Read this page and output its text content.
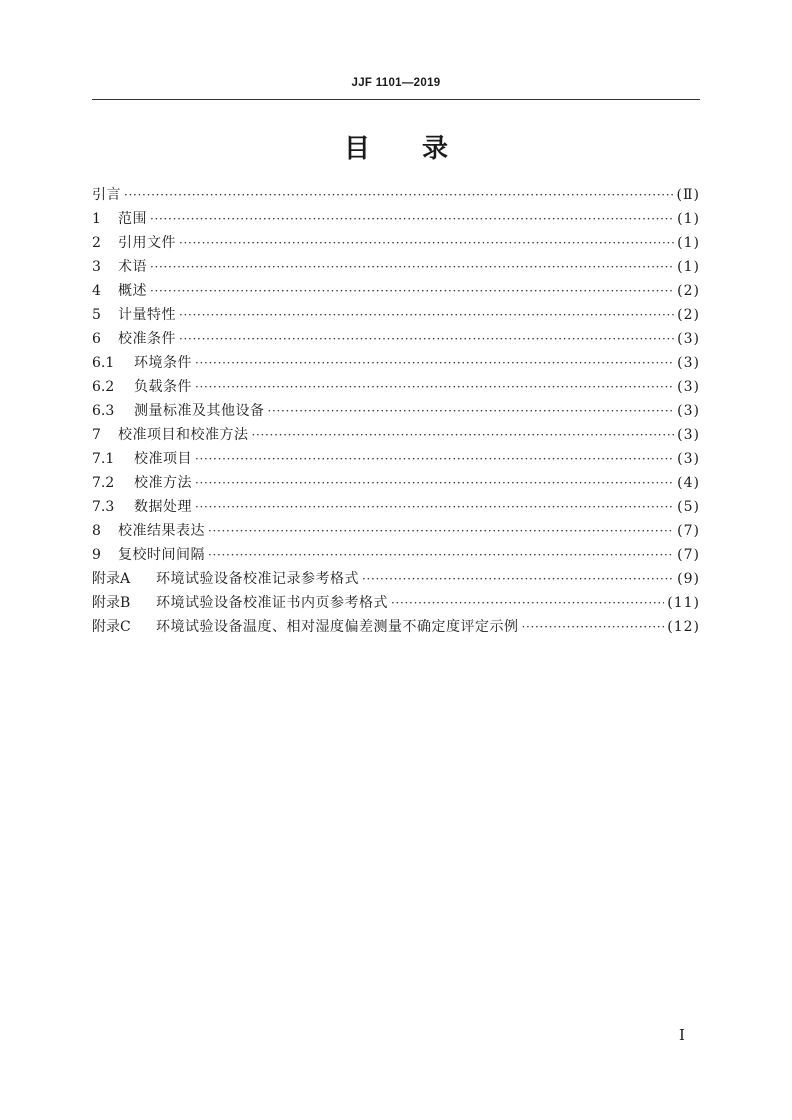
JJF 1101—2019
目录
引言 ·····	(Ⅱ)
1	范围 ·····	(1)
2	引用文件 ·····	(1)
3	术语 ·····	(1)
4	概述 ·····	(2)
5	计量特性 ·····	(2)
6	校准条件 ·····	(3)
6.1	环境条件 ·····	(3)
6.2	负载条件 ·····	(3)
6.3	测量标准及其他设备 ·····	(3)
7	校准项目和校准方法 ·····	(3)
7.1	校准项目 ·····	(3)
7.2	校准方法 ·····	(4)
7.3	数据处理 ·····	(5)
8	校准结果表达 ·····	(7)
9	复校时间间隔 ·····	(7)
附录A	环境试验设备校准记录参考格式 ·····	(9)
附录B	环境试验设备校准证书内页参考格式 ·····	(11)
附录C	环境试验设备温度、相对湿度偏差测量不确定度评定示例 ·····	(12)
I
